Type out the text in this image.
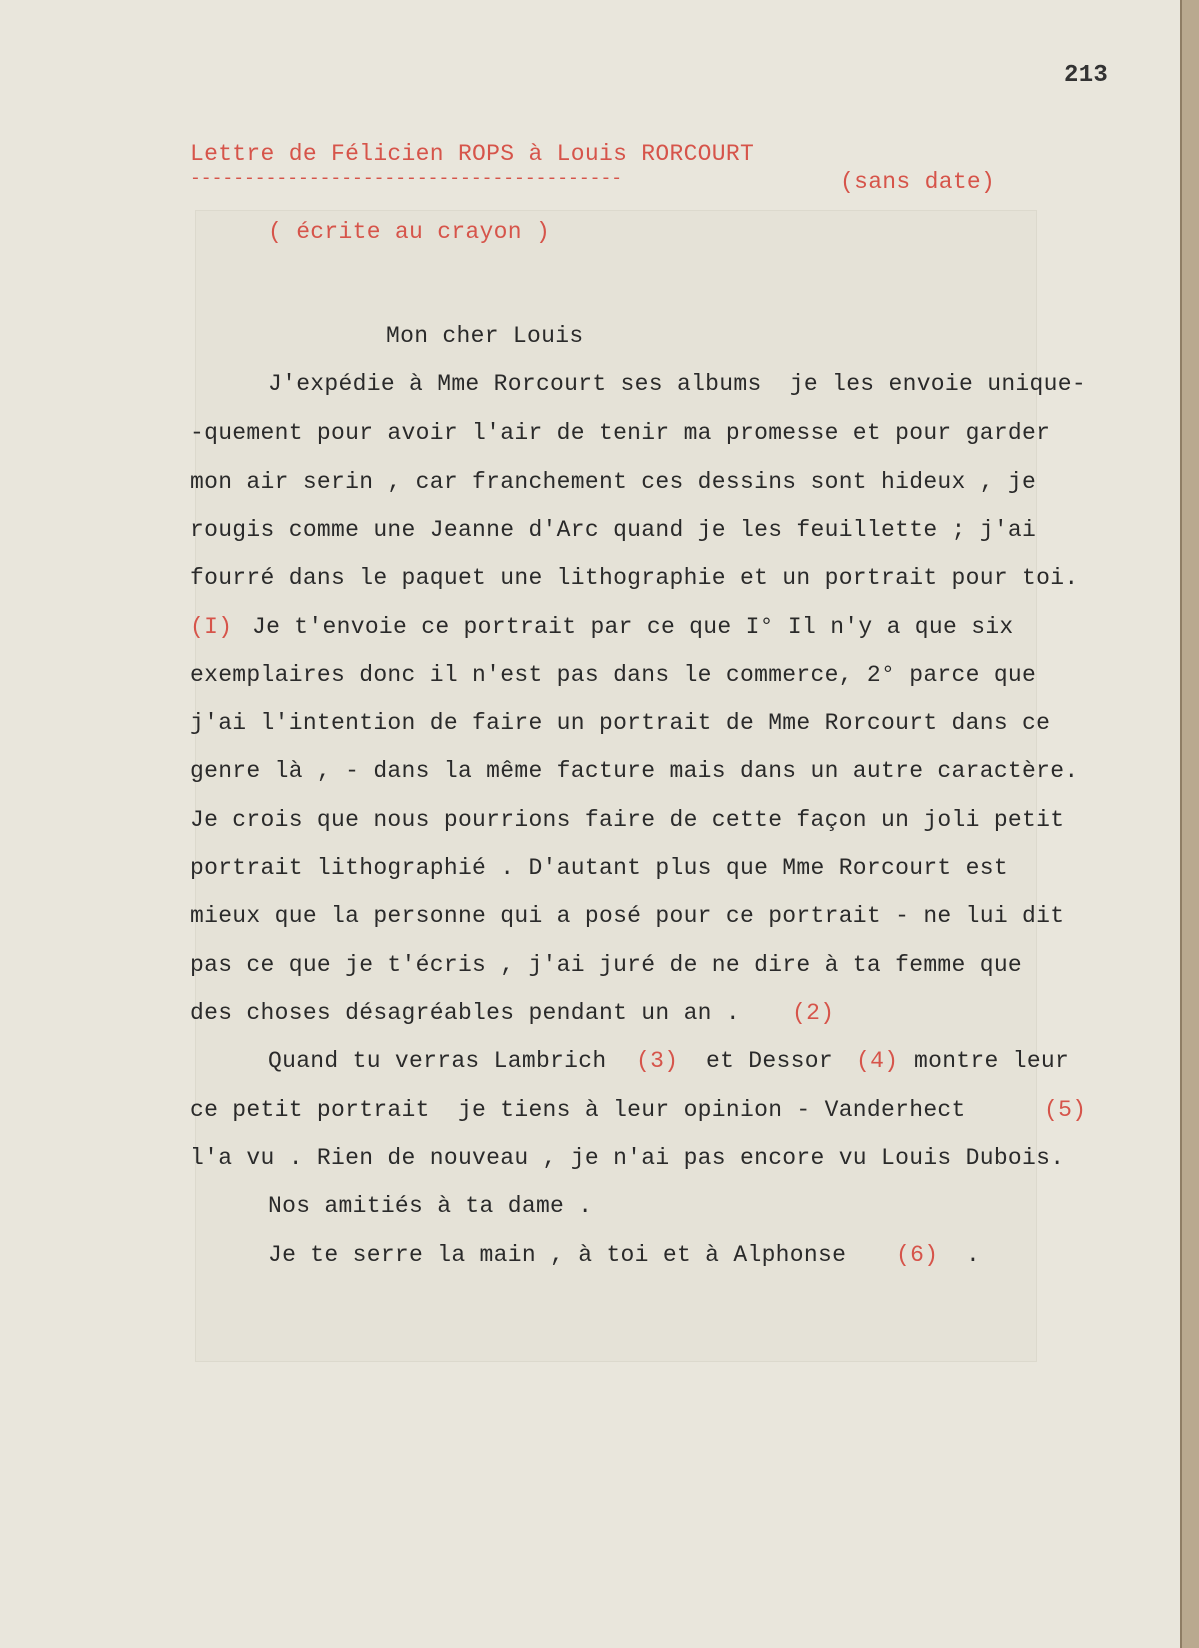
213

Lettre de Félicien ROPS à Louis RORCOURT

----------------------------------------	(sans date)

( écrite au crayon )

Mon cher Louis

J'expédie à Mme Rorcourt ses albums  je les envoie unique-

-quement pour avoir l'air de tenir ma promesse et pour garder

mon air serin , car franchement ces dessins sont hideux , je

rougis comme une Jeanne d'Arc quand je les feuillette ; j'ai

fourré dans le paquet une lithographie et un portrait pour toi.

(I) Je t'envoie ce portrait par ce que I° Il n'y a que six

exemplaires donc il n'est pas dans le commerce, 2° parce que

j'ai l'intention de faire un portrait de Mme Rorcourt dans ce

genre là , - dans la même facture mais dans un autre caractère.

Je crois que nous pourrions faire de cette façon un joli petit

portrait lithographié . D'autant plus que Mme Rorcourt est

mieux que la personne qui a posé pour ce portrait - ne lui dit

pas ce que je t'écris , j'ai juré de ne dire à ta femme que

des choses désagréables pendant un an . (2)

Quand tu verras Lambrich (3) et Dessor (4) montre leur

ce petit portrait  je tiens à leur opinion - Vanderhect	(5)

l'a vu . Rien de nouveau , je n'ai pas encore vu Louis Dubois.

Nos amitiés à ta dame .

Je te serre la main , à toi et à Alphonse (6) .
